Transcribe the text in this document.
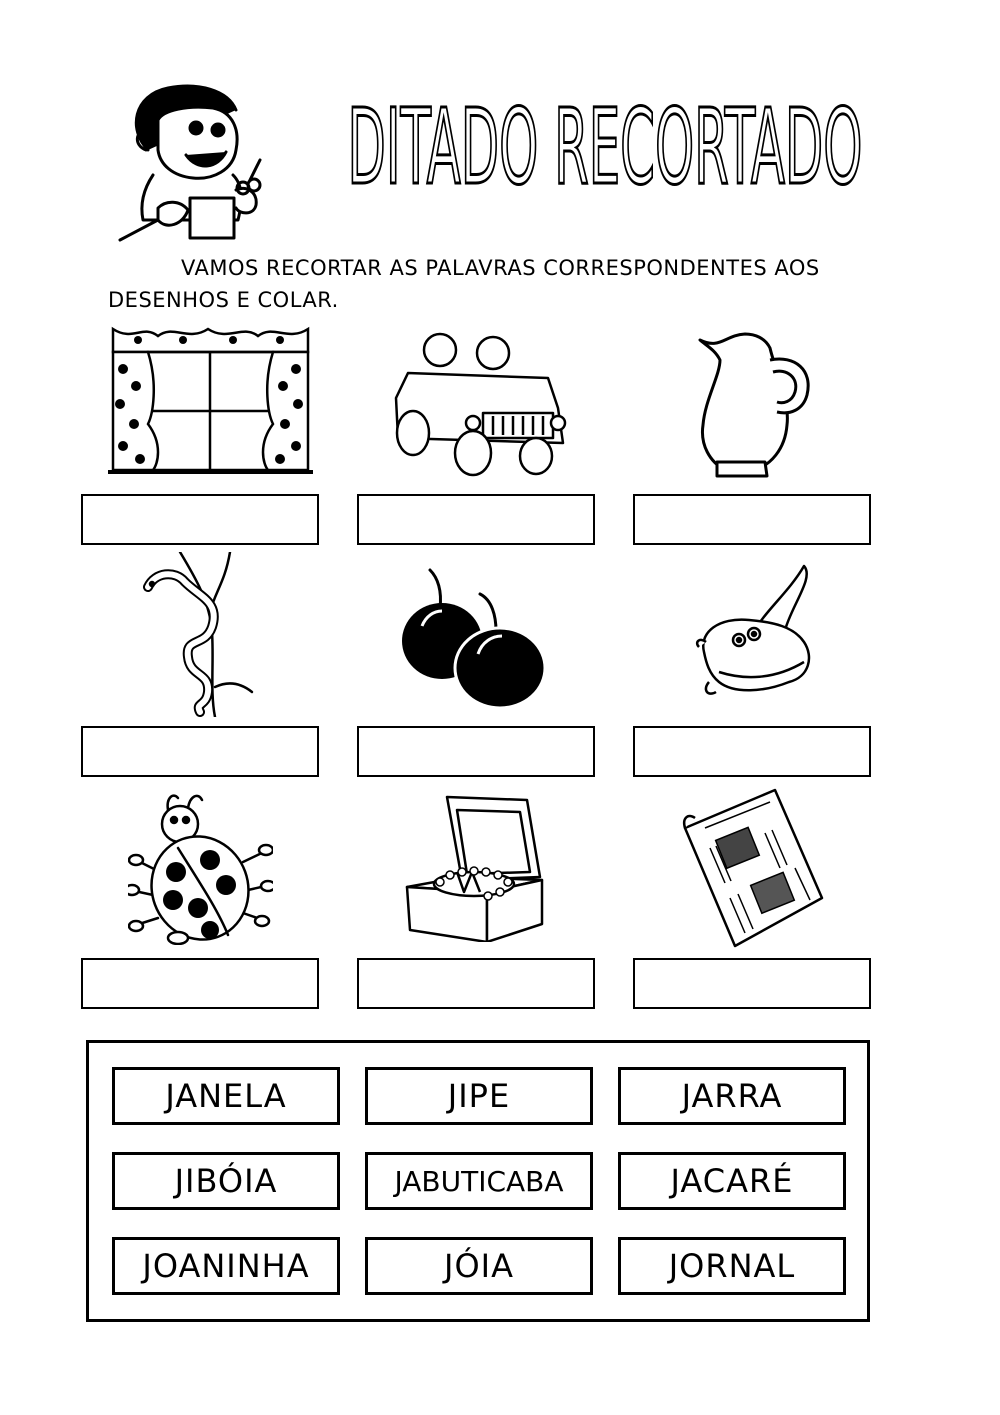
DITADO RECORTADO
VAMOS RECORTAR AS PALAVRAS CORRESPONDENTES AOS
DESENHOS E COLAR.
JANELA	JIPE	JARRA
JIBÓIA	JABUTICABA	JACARÉ
JOANINHA	JÓIA	JORNAL
